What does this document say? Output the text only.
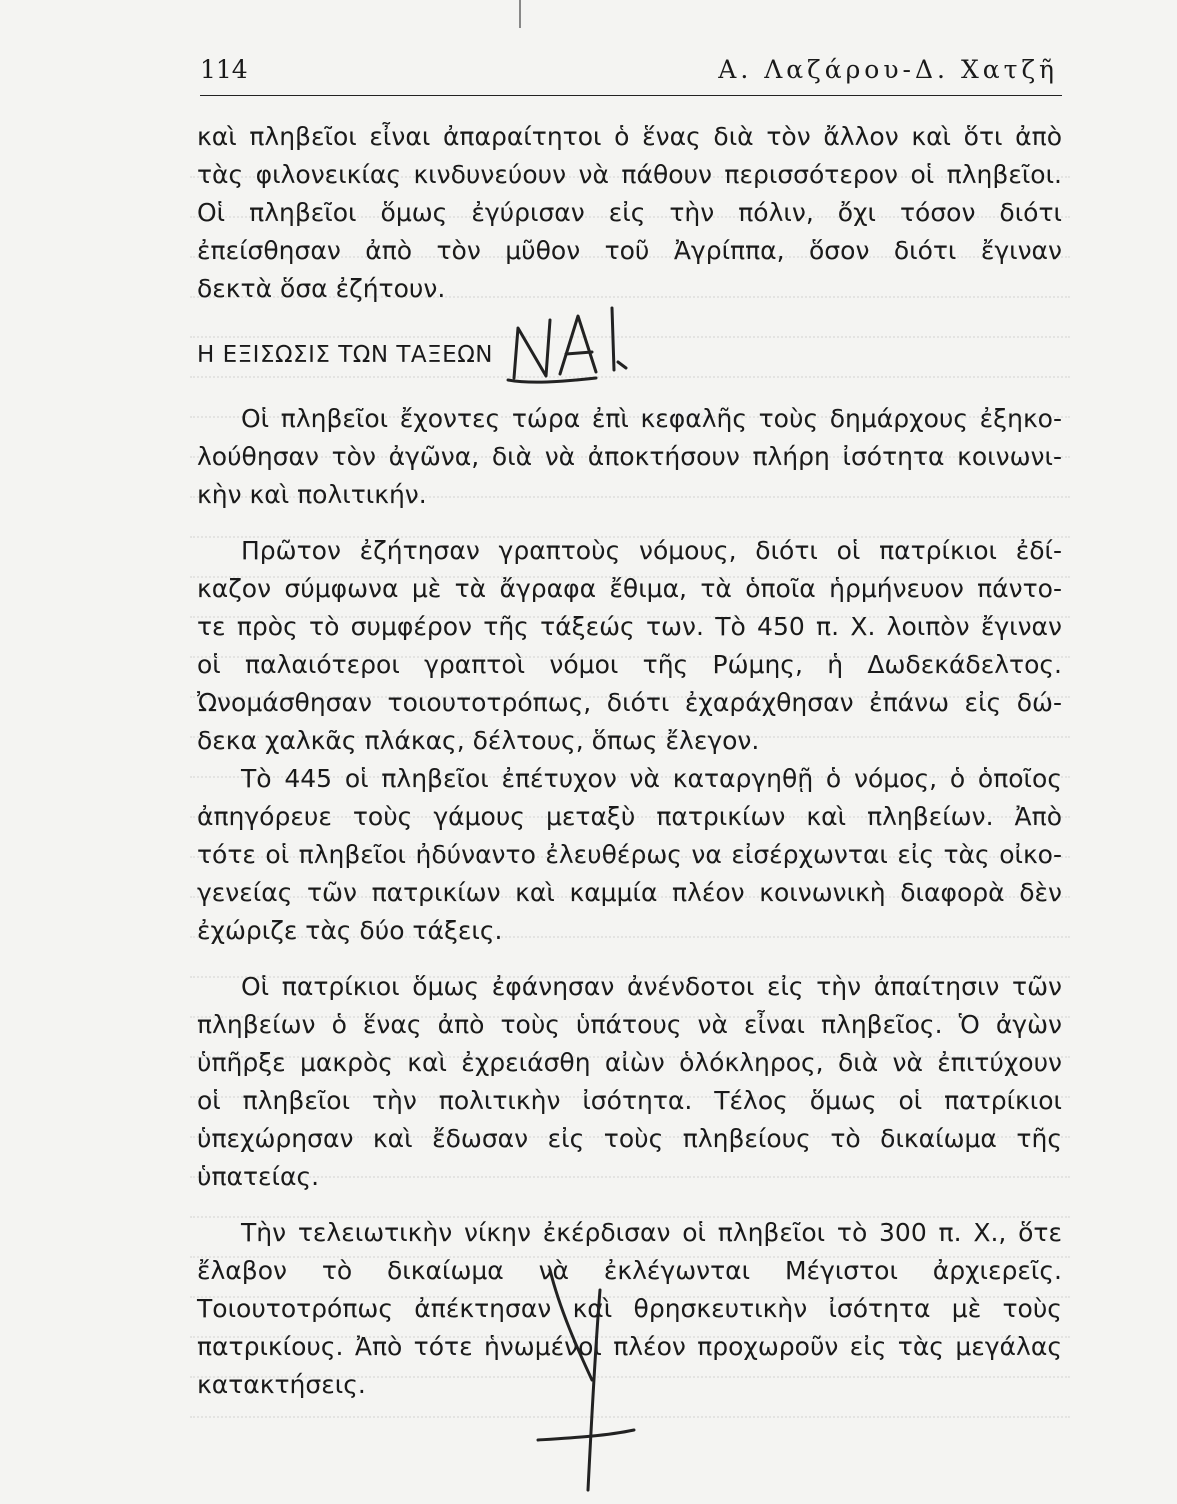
114	Α. Λαζάρου-Δ. Χατζῆ
καὶ πληβεῖοι εἶναι ἀπαραίτητοι ὁ ἕνας διὰ τὸν ἄλλον καὶ ὅτι ἀπὸ
τὰς φιλονεικίας κινδυνεύουν νὰ πάθουν περισσότερον οἱ πληβεῖοι.
Οἱ πληβεῖοι ὅμως ἐγύρισαν εἰς τὴν πόλιν, ὄχι τόσον διότι
ἐπείσθησαν ἀπὸ τὸν μῦθον τοῦ Ἀγρίππα, ὅσον διότι ἔγιναν
δεκτὰ ὅσα ἐζήτουν.
Η ΕΞΙΣΩΣΙΣ ΤΩΝ ΤΑΞΕΩΝ
Οἱ πληβεῖοι ἔχοντες τώρα ἐπὶ κεφαλῆς τοὺς δημάρχους ἐξηκο-
λούθησαν τὸν ἀγῶνα, διὰ νὰ ἀποκτήσουν πλήρη ἰσότητα κοινωνι-
κὴν καὶ πολιτικήν.
Πρῶτον ἐζήτησαν γραπτοὺς νόμους, διότι οἱ πατρίκιοι ἐδί-
καζον σύμφωνα μὲ τὰ ἄγραφα ἔθιμα, τὰ ὁποῖα ἡρμήνευον πάντο-
τε πρὸς τὸ συμφέρον τῆς τάξεώς των. Τὸ 450 π. Χ. λοιπὸν ἔγιναν
οἱ παλαιότεροι γραπτοὶ νόμοι τῆς Ρώμης, ἡ Δωδεκάδελτος.
Ὠνομάσθησαν τοιουτοτρόπως, διότι ἐχαράχθησαν ἐπάνω εἰς δώ-
δεκα χαλκᾶς πλάκας, δέλτους, ὅπως ἔλεγον.
Τὸ 445 οἱ πληβεῖοι ἐπέτυχον νὰ καταργηθῇ ὁ νόμος, ὁ ὁποῖος
ἀπηγόρευε τοὺς γάμους μεταξὺ πατρικίων καὶ πληβείων. Ἀπὸ
τότε οἱ πληβεῖοι ἠδύναντο ἐλευθέρως να εἰσέρχωνται εἰς τὰς οἰκο-
γενείας τῶν πατρικίων καὶ καμμία πλέον κοινωνικὴ διαφορὰ δὲν
ἐχώριζε τὰς δύο τάξεις.
Οἱ πατρίκιοι ὅμως ἐφάνησαν ἀνένδοτοι εἰς τὴν ἀπαίτησιν τῶν
πληβείων ὁ ἕνας ἀπὸ τοὺς ὑπάτους νὰ εἶναι πληβεῖος. Ὁ ἀγὼν
ὑπῆρξε μακρὸς καὶ ἐχρειάσθη αἰὼν ὁλόκληρος, διὰ νὰ ἐπιτύχουν
οἱ πληβεῖοι τὴν πολιτικὴν ἰσότητα. Τέλος ὅμως οἱ πατρίκιοι
ὑπεχώρησαν καὶ ἔδωσαν εἰς τοὺς πληβείους τὸ δικαίωμα τῆς
ὑπατείας.
Τὴν τελειωτικὴν νίκην ἐκέρδισαν οἱ πληβεῖοι τὸ 300 π. Χ., ὅτε
ἔλαβον τὸ δικαίωμα νὰ ἐκλέγωνται Μέγιστοι ἀρχιερεῖς.
Τοιουτοτρόπως ἀπέκτησαν καὶ θρησκευτικὴν ἰσότητα μὲ τοὺς
πατρικίους. Ἀπὸ τότε ἡνωμένοι πλέον προχωροῦν εἰς τὰς μεγάλας
κατακτήσεις.
